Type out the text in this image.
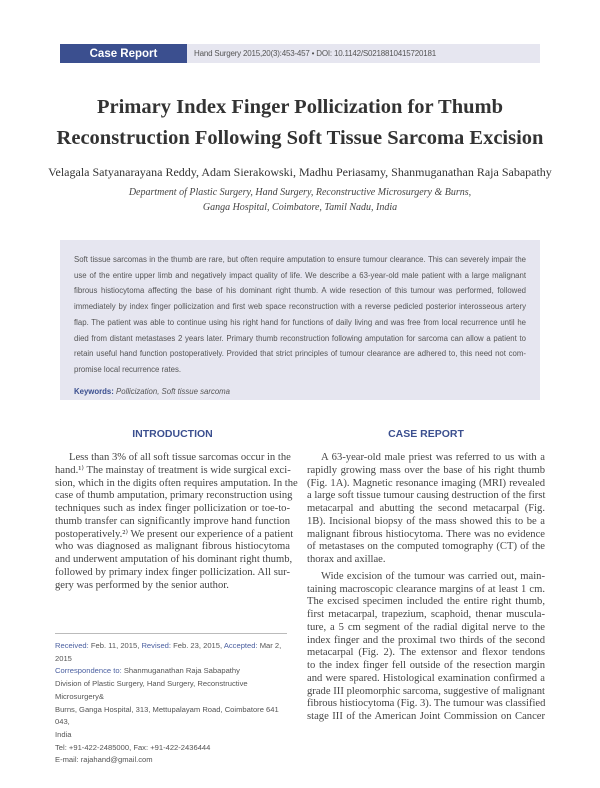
Case Report	Hand Surgery 2015,20(3):453-457 • DOI: 10.1142/S0218810415720181
Primary Index Finger Pollicization for Thumb
Reconstruction Following Soft Tissue Sarcoma Excision
Velagala Satyanarayana Reddy, Adam Sierakowski, Madhu Periasamy, Shanmuganathan Raja Sabapathy
Department of Plastic Surgery, Hand Surgery, Reconstructive Microsurgery & Burns,
Ganga Hospital, Coimbatore, Tamil Nadu, India
Soft tissue sarcomas in the thumb are rare, but often require amputation to ensure tumour clearance. This can severely impair the
use of the entire upper limb and negatively impact quality of life. We describe a 63-year-old male patient with a large malignant
fibrous histiocytoma affecting the base of his dominant right thumb. A wide resection of this tumour was performed, followed
immediately by index finger pollicization and first web space reconstruction with a reverse pedicled posterior interosseous artery
flap. The patient was able to continue using his right hand for functions of daily living and was free from local recurrence until he
died from distant metastases 2 years later. Primary thumb reconstruction following amputation for sarcoma can allow a patient to
retain useful hand function postoperatively. Provided that strict principles of tumour clearance are adhered to, this need not com-
promise local recurrence rates.
Keywords: Pollicization, Soft tissue sarcoma
INTRODUCTION
Less than 3% of all soft tissue sarcomas occur in the
hand.¹⁾ The mainstay of treatment is wide surgical exci-
sion, which in the digits often requires amputation. In the
case of thumb amputation, primary reconstruction using
techniques such as index finger pollicization or toe-to-
thumb transfer can significantly improve hand function
postoperatively.²⁾ We present our experience of a patient
who was diagnosed as malignant fibrous histiocytoma
and underwent amputation of his dominant right thumb,
followed by primary index finger pollicization. All sur-
gery was performed by the senior author.
Received: Feb. 11, 2015, Revised: Feb. 23, 2015, Accepted: Mar 2, 2015
Correspondence to: Shanmuganathan Raja Sabapathy
Division of Plastic Surgery, Hand Surgery, Reconstructive Microsurgery&
Burns, Ganga Hospital, 313, Mettupalayam Road, Coimbatore 641 043,
India
Tel: +91-422-2485000, Fax: +91-422-2436444
E-mail: rajahand@gmail.com
CASE REPORT
A 63-year-old male priest was referred to us with a
rapidly growing mass over the base of his right thumb
(Fig. 1A). Magnetic resonance imaging (MRI) revealed
a large soft tissue tumour causing destruction of the first
metacarpal and abutting the second metacarpal (Fig.
1B). Incisional biopsy of the mass showed this to be a
malignant fibrous histiocytoma. There was no evidence
of metastases on the computed tomography (CT) of the
thorax and axillae.
Wide excision of the tumour was carried out, main-
taining macroscopic clearance margins of at least 1 cm.
The excised specimen included the entire right thumb,
first metacarpal, trapezium, scaphoid, thenar muscula-
ture, a 5 cm segment of the radial digital nerve to the
index finger and the proximal two thirds of the second
metacarpal (Fig. 2). The extensor and flexor tendons
to the index finger fell outside of the resection margin
and were spared. Histological examination confirmed a
grade III pleomorphic sarcoma, suggestive of malignant
fibrous histiocytoma (Fig. 3). The tumour was classified
stage III of the American Joint Commission on Cancer
